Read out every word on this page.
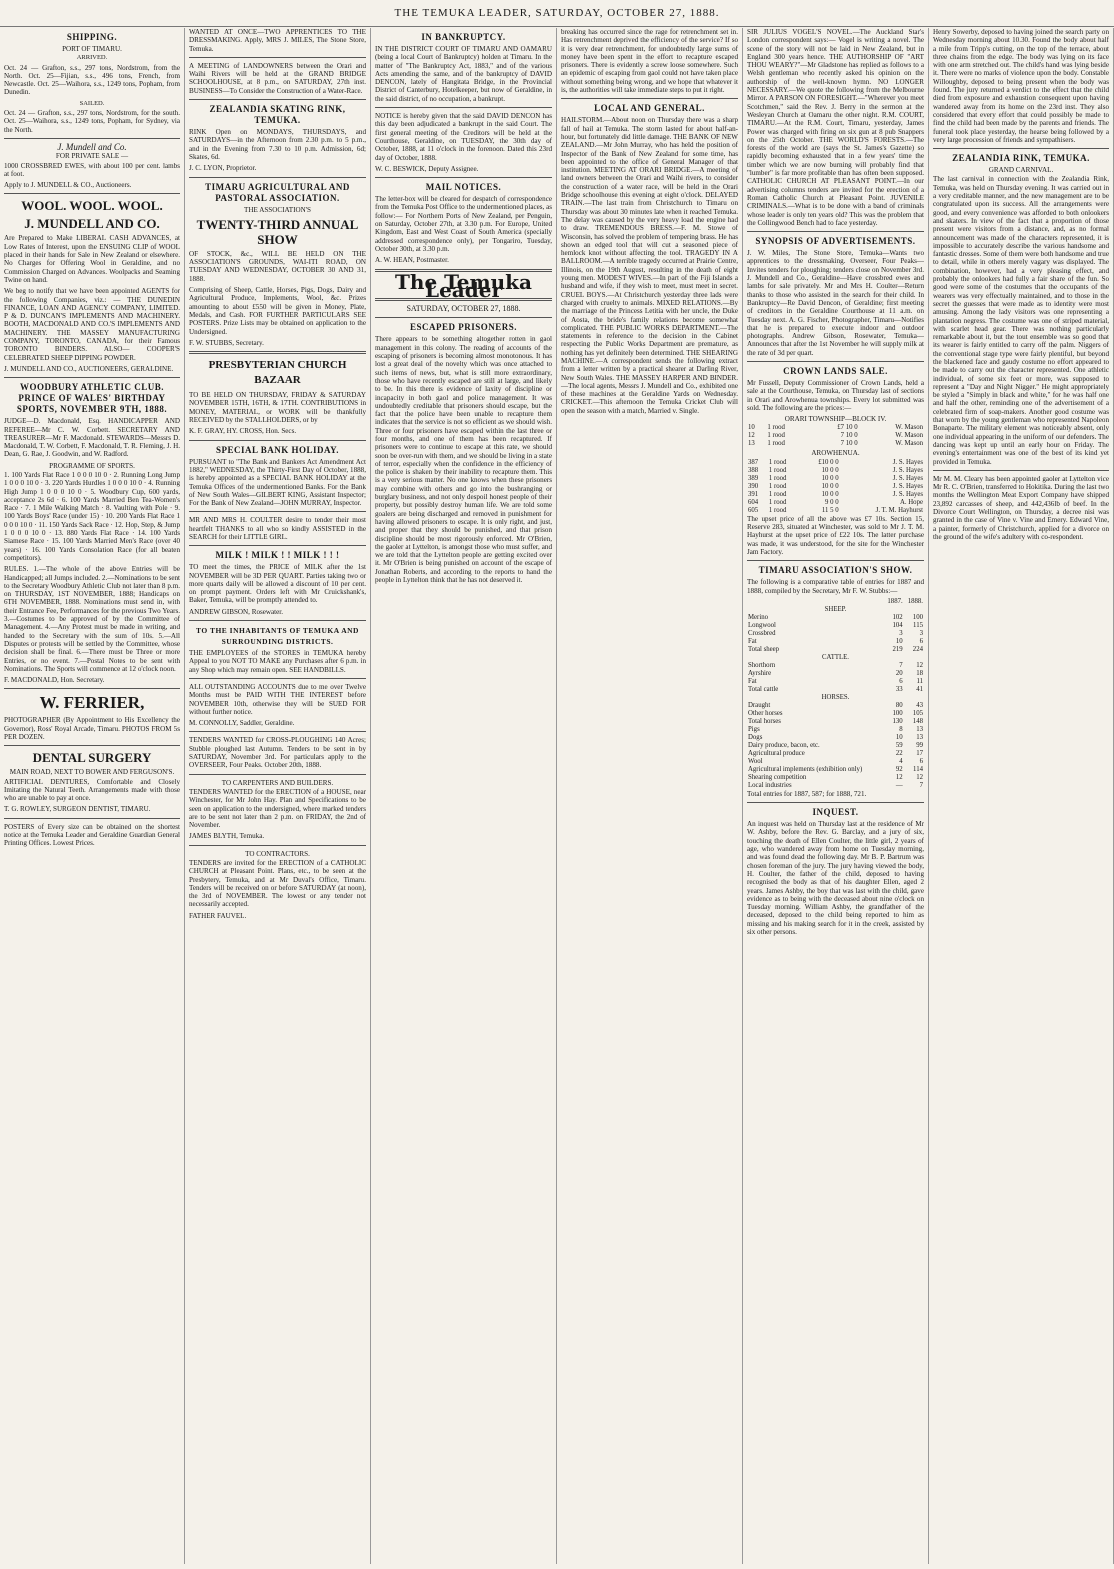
THE TEMUKA LEADER, SATURDAY, OCTOBER 27, 1888.
SHIPPING.
PORT OF TIMARU.
ARRIVED.

Oct. 24 — Grafton, s.s., 297 tons, Nordstrom, from the North. Oct. 25—Fijian, s.s., 496 tons, French, from Newcastle. Oct. 25—Waihora, s.s., 1249 tons, Popham, from Dunedin.

SAILED.

Oct. 24 — Grafton, s.s., 297 tons, Nordstrom, for the south. Oct. 25—Waihora, s.s., 1249 tons, Popham, for Sydney, via the North.

J. Mundell and Co.
FOR PRIVATE SALE —

1000 CROSSBRED EWES, with about 100 per cent. lambs at foot.

Apply to J. MUNDELL & CO., Auctioneers.

WOOL. WOOL. WOOL.
J. MUNDELL AND CO.

Are Prepared to Make LIBERAL CASH ADVANCES, at Low Rates of Interest, upon the ENSUING CLIP of WOOL placed in their hands for Sale in New Zealand or elsewhere. No Charges for Offering Wool in Geraldine, and no Commission Charged on Advances. Woolpacks and Seaming Twine on hand.

We beg to notify that we have been appointed AGENTS for the following Companies, viz.: — THE DUNEDIN FINANCE, LOAN AND AGENCY COMPANY, LIMITED. P & D. DUNCAN'S IMPLEMENTS AND MACHINERY. BOOTH, MACDONALD AND CO.'S IMPLEMENTS AND MACHINERY. THE MASSEY MANUFACTURING COMPANY, TORONTO, CANADA, for their Famous TORONTO BINDERS. ALSO— COOPER'S CELEBRATED SHEEP DIPPING POWDER.

J. MUNDELL AND CO., AUCTIONEERS, GERALDINE.

WOODBURY ATHLETIC CLUB. PRINCE OF WALES' BIRTHDAY SPORTS, NOVEMBER 9TH, 1888.

JUDGE—D. Macdonald, Esq. HANDICAPPER AND REFEREE—Mr C. W. Corbett. SECRETARY AND TREASURER—Mr F. Macdonald. STEWARDS—Messrs D. Macdonald, T. W. Corbett, F. Macdonald, T. R. Fleming, J. H. Dean, G. Rae, J. Goodwin, and W. Radford.

PROGRAMME OF SPORTS.

1. 100 Yards Flat Race 1 0 0 0 10 0 · 2. Running Long Jump 1 0 0 0 10 0 · 3. 220 Yards Hurdles 1 0 0 0 10 0 · 4. Running High Jump 1 0 0 0 10 0 · 5. Woodbury Cup, 600 yards, acceptance 2s 6d · 6. 100 Yards Married Ben Tea-Women's Race · 7. 1 Mile Walking Match · 8. Vaulting with Pole · 9. 100 Yards Boys' Race (under 15) · 10. 200 Yards Flat Race 1 0 0 0 10 0 · 11. 150 Yards Sack Race · 12. Hop, Step, & Jump 1 0 0 0 10 0 · 13. 880 Yards Flat Race · 14. 100 Yards Siamese Race · 15. 100 Yards Married Men's Race (over 40 years) · 16. 100 Yards Consolation Race (for all beaten competitors).

RULES. 1.—The whole of the above Entries will be Handicapped; all Jumps included. 2.—Nominations to be sent to the Secretary Woodbury Athletic Club not later than 8 p.m. on THURSDAY, 1ST NOVEMBER, 1888; Handicaps on 6TH NOVEMBER, 1888. Nominations must send in, with their Entrance Fee, Performances for the previous Two Years. 3.—Costumes to be approved of by the Committee of Management. 4.—Any Protest must be made in writing, and handed to the Secretary with the sum of 10s. 5.—All Disputes or protests will be settled by the Committee, whose decision shall be final. 6.—There must be Three or more Entries, or no event. 7.—Postal Notes to be sent with Nominations. The Sports will commence at 12 o'clock noon.

F. MACDONALD, Hon. Secretary.

W. FERRIER,

PHOTOGRAPHER (By Appointment to His Excellency the Governor), Ross' Royal Arcade, Timaru. PHOTOS FROM 5s PER DOZEN.

DENTAL SURGERY
MAIN ROAD, NEXT TO BOWER AND FERGUSON'S.

ARTIFICIAL DENTURES, Comfortable and Closely Imitating the Natural Teeth. Arrangements made with those who are unable to pay at once.

T. G. ROWLEY, SURGEON DENTIST, TIMARU.

POSTERS of Every size can be obtained on the shortest notice at the Temuka Leader and Geraldine Guardian General Printing Offices. Lowest Prices.

WANTED AT ONCE—TWO APPRENTICES TO THE DRESSMAKING. Apply, MRS J. MILES, The Stone Store, Temuka.

A MEETING of LANDOWNERS between the Orari and Waihi Rivers will be held at the GRAND BRIDGE SCHOOLHOUSE, at 8 p.m., on SATURDAY, 27th inst. BUSINESS—To Consider the Construction of a Water-Race.

ZEALANDIA SKATING RINK, TEMUKA.

RINK Open on MONDAYS, THURSDAYS, and SATURDAYS—in the Afternoon from 2.30 p.m. to 5 p.m., and in the Evening from 7.30 to 10 p.m. Admission, 6d; Skates, 6d.

J. C. LYON, Proprietor.

TIMARU AGRICULTURAL AND PASTORAL ASSOCIATION.
THE ASSOCIATION'S
TWENTY-THIRD ANNUAL SHOW

OF STOCK, &c., WILL BE HELD ON THE ASSOCIATION'S GROUNDS, WAI-ITI ROAD, ON TUESDAY AND WEDNESDAY, OCTOBER 30 AND 31, 1888.

Comprising of Sheep, Cattle, Horses, Pigs, Dogs, Dairy and Agricultural Produce, Implements, Wool, &c. Prizes amounting to about £550 will be given in Money, Plate, Medals, and Cash. FOR FURTHER PARTICULARS SEE POSTERS. Prize Lists may be obtained on application to the Undersigned.

F. W. STUBBS, Secretary.

PRESBYTERIAN CHURCH BAZAAR

TO BE HELD ON THURSDAY, FRIDAY & SATURDAY NOVEMBER 15TH, 16TH, & 17TH. CONTRIBUTIONS in MONEY, MATERIAL, or WORK will be thankfully RECEIVED by the STALLHOLDERS, or by

K. F. GRAY, HY. CROSS, Hon. Secs.

SPECIAL BANK HOLIDAY.

PURSUANT to "The Bank and Bankers Act Amendment Act 1882," WEDNESDAY, the Thirty-First Day of October, 1888, is hereby appointed as a SPECIAL BANK HOLIDAY at the Temuka Offices of the undermentioned Banks. For the Bank of New South Wales—GILBERT KING, Assistant Inspector; For the Bank of New Zealand—JOHN MURRAY, Inspector.

MR AND MRS H. COULTER desire to tender their most heartfelt THANKS to all who so kindly ASSISTED in the SEARCH for their LITTLE GIRL.

MILK ! MILK ! ! MILK ! ! !

TO meet the times, the PRICE of MILK after the 1st NOVEMBER will be 3D PER QUART. Parties taking two or more quarts daily will be allowed a discount of 10 per cent. on prompt payment. Orders left with Mr Cruickshank's, Baker, Temuka, will be promptly attended to.

ANDREW GIBSON, Rosewater.

TO THE INHABITANTS OF TEMUKA AND SURROUNDING DISTRICTS.

THE EMPLOYEES of the STORES in TEMUKA hereby Appeal to you NOT TO MAKE any Purchases after 6 p.m. in any Shop which may remain open. SEE HANDBILLS.

ALL OUTSTANDING ACCOUNTS due to me over Twelve Months must be PAID WITH THE INTEREST before NOVEMBER 10th, otherwise they will be SUED FOR without further notice.

M. CONNOLLY, Saddler, Geraldine.

TENDERS WANTED for CROSS-PLOUGHING 140 Acres; Stubble ploughed last Autumn. Tenders to be sent in by SATURDAY, November 3rd. For particulars apply to the OVERSEER, Four Peaks. October 20th, 1888.

TO CARPENTERS AND BUILDERS.

TENDERS WANTED for the ERECTION of a HOUSE, near Winchester, for Mr John Hay. Plan and Specifications to be seen on application to the undersigned, where marked tenders are to be sent not later than 2 p.m. on FRIDAY, the 2nd of November.

JAMES BLYTH, Temuka.

TO CONTRACTORS.

TENDERS are invited for the ERECTION of a CATHOLIC CHURCH at Pleasant Point. Plans, etc., to be seen at the Presbytery, Temuka, and at Mr Duval's Office, Timaru. Tenders will be received on or before SATURDAY (at noon), the 3rd of NOVEMBER. The lowest or any tender not necessarily accepted.

FATHER FAUVEL.

IN BANKRUPTCY.

IN THE DISTRICT COURT OF TIMARU AND OAMARU (being a local Court of Bankruptcy) holden at Timaru. In the matter of "The Bankruptcy Act, 1883," and of the various Acts amending the same, and of the bankruptcy of DAVID DENCON, lately of Hangitata Bridge, in the Provincial District of Canterbury, Hotelkeeper, but now of Geraldine, in the said district, of no occupation, a bankrupt.

NOTICE is hereby given that the said DAVID DENCON has this day been adjudicated a bankrupt in the said Court. The first general meeting of the Creditors will be held at the Courthouse, Geraldine, on TUESDAY, the 30th day of October, 1888, at 11 o'clock in the forenoon. Dated this 23rd day of October, 1888.

W. C. BESWICK, Deputy Assignee.

MAIL NOTICES.

The letter-box will be cleared for despatch of correspondence from the Temuka Post Office to the undermentioned places, as follow:— For Northern Ports of New Zealand, per Penguin, on Saturday, October 27th, at 3.30 p.m. For Europe, United Kingdom, East and West Coast of South America (specially addressed correspondence only), per Tongariro, Tuesday, October 30th, at 3.30 p.m.

A. W. HEAN, Postmaster.

The Temuka Leader
SATURDAY, OCTOBER 27, 1888.
ESCAPED PRISONERS.

There appears to be something altogether rotten in gaol management in this colony. The reading of accounts of the escaping of prisoners is becoming almost monotonous. It has lost a great deal of the novelty which was once attached to such items of news, but, what is still more extraordinary, those who have recently escaped are still at large, and likely to be. In this there is evidence of laxity of discipline or incapacity in both gaol and police management. It was undoubtedly creditable that prisoners should escape, but the fact that the police have been unable to recapture them indicates that the service is not so efficient as we should wish. Three or four prisoners have escaped within the last three or four months, and one of them has been recaptured. If prisoners were to continue to escape at this rate, we should soon be over-run with them, and we should be living in a state of terror, especially when the confidence in the efficiency of the police is shaken by their inability to recapture them. This is a very serious matter. No one knows when these prisoners may combine with others and go into the bushranging or burglary business, and not only despoil honest people of their property, but possibly destroy human life. We are told some goalers are being discharged and removed in punishment for having allowed prisoners to escape. It is only right, and just, and proper that they should be punished, and that prison discipline should be most rigorously enforced. Mr O'Brien, the gaoler at Lyttelton, is amongst those who must suffer, and we are told that the Lyttelton people are getting excited over it. Mr O'Brien is being punished on account of the escape of Jonathan Roberts, and according to the reports to hand the people in Lyttelton think that he has not deserved it.

breaking has occurred since the rage for retrenchment set in. Has retrenchment deprived the efficiency of the service? If so it is very dear retrenchment, for undoubtedly large sums of money have been spent in the effort to recapture escaped prisoners. There is evidently a screw loose somewhere. Such an epidemic of escaping from gaol could not have taken place without something being wrong, and we hope that whatever it is, the authorities will take immediate steps to put it right.

LOCAL AND GENERAL.

HAILSTORM.—About noon on Thursday there was a sharp fall of hail at Temuka. The storm lasted for about half-an-hour, but fortunately did little damage. THE BANK OF NEW ZEALAND.—Mr John Murray, who has held the position of Inspector of the Bank of New Zealand for some time, has been appointed to the office of General Manager of that institution. MEETING AT ORARI BRIDGE.—A meeting of land owners between the Orari and Waihi rivers, to consider the construction of a water race, will be held in the Orari Bridge schoolhouse this evening at eight o'clock. DELAYED TRAIN.—The last train from Christchurch to Timaru on Thursday was about 30 minutes late when it reached Temuka. The delay was caused by the very heavy load the engine had to draw. TREMENDOUS BRESS.—F. M. Stowe of Wisconsin, has solved the problem of tempering brass. He has shown an edged tool that will cut a seasoned piece of hemlock knot without affecting the tool. TRAGEDY IN A BALLROOM.—A terrible tragedy occurred at Prairie Centre, Illinois, on the 19th August, resulting in the death of eight young men. MODEST WIVES.—In part of the Fiji Islands a husband and wife, if they wish to meet, must meet in secret. CRUEL BOYS.—At Christchurch yesterday three lads were charged with cruelty to animals. MIXED RELATIONS.—By the marriage of the Princess Letitia with her uncle, the Duke of Aosta, the bride's family relations become somewhat complicated. THE PUBLIC WORKS DEPARTMENT.—The statements in reference to the decision in the Cabinet respecting the Public Works Department are premature, as nothing has yet definitely been determined. THE SHEARING MACHINE.—A correspondent sends the following extract from a letter written by a practical shearer at Darling River, New South Wales. THE MASSEY HARPER AND BINDER.—The local agents, Messrs J. Mundell and Co., exhibited one of these machines at the Geraldine Yards on Wednesday. CRICKET.—This afternoon the Temuka Cricket Club will open the season with a match, Married v. Single.

SIR JULIUS VOGEL'S NOVEL.—The Auckland Star's London correspondent says:— Vogel is writing a novel. The scene of the story will not be laid in New Zealand, but in England 300 years hence. THE AUTHORSHIP OF "ART THOU WEARY?"—Mr Gladstone has replied as follows to a Welsh gentleman who recently asked his opinion on the authorship of the well-known hymn. NO LONGER NECESSARY.—We quote the following from the Melbourne Mirror. A PARSON ON FORESIGHT.—"Wherever you meet Scotchmen," said the Rev. J. Berry in the sermon at the Wesleyan Church at Oamaru the other night. R.M. COURT, TIMARU.—At the R.M. Court, Timaru, yesterday, James Power was charged with firing on six gun at 8 pub Snappers on the 25th October. THE WORLD'S FORESTS.—The forests of the world are (says the St. James's Gazette) so rapidly becoming exhausted that in a few years' time the timber which we are now burning will probably find that "lumber" is far more profitable than has often been supposed. CATHOLIC CHURCH AT PLEASANT POINT.—In our advertising columns tenders are invited for the erection of a Roman Catholic Church at Pleasant Point. JUVENILE CRIMINALS.—What is to be done with a band of criminals whose leader is only ten years old? This was the problem that the Collingwood Bench had to face yesterday.

SYNOPSIS OF ADVERTISEMENTS.

J. W. Miles, The Stone Store, Temuka—Wants two apprentices to the dressmaking. Overseer, Four Peaks—Invites tenders for ploughing; tenders close on November 3rd. J. Mundell and Co., Geraldine—Have crossbred ewes and lambs for sale privately. Mr and Mrs H. Coulter—Return thanks to those who assisted in the search for their child. In Bankruptcy—Re David Dencon, of Geraldine; first meeting of creditors in the Geraldine Courthouse at 11 a.m. on Tuesday next. A. G. Fischer, Photographer, Timaru—Notifies that he is prepared to execute indoor and outdoor photographs. Andrew Gibson, Rosewater, Temuka—Announces that after the 1st November he will supply milk at the rate of 3d per quart.

CROWN LANDS SALE.

Mr Fussell, Deputy Commissioner of Crown Lands, held a sale at the Courthouse, Temuka, on Thursday last of sections in Orari and Arowhenua townships. Every lot submitted was sold. The following are the prices:—

ORARI TOWNSHIP—BLOCK IV.
10	1 rood	£7 10 0	W. Mason
12	1 rood	7 10 0	W. Mason
13	1 rood	7 10 0	W. Mason
AROWHENUA.
387	1 rood	£10 0 0	J. S. Hayes
388	1 rood	10 0 0	J. S. Hayes
389	1 rood	10 0 0	J. S. Hayes
390	1 rood	10 0 0	J. S. Hayes
391	1 rood	10 0 0	J. S. Hayes
604	1 rood	9 0 0	A. Hope
605	1 rood	11 5 0	J. T. M. Hayhurst

The upset price of all the above was £7 10s. Section 15, Reserve 283, situated at Winchester, was sold to Mr J. T. M. Hayhurst at the upset price of £22 10s. The latter purchase was made, it was understood, for the site for the Winchester Jam Factory.

TIMARU ASSOCIATION'S SHOW.

The following is a comparative table of entries for 1887 and 1888, compiled by the Secretary, Mr F. W. Stubbs:—

	1887.	1888.
SHEEP.		
Merino	102	100
Longwool	104	115
Crossbred	3	3
Fat	10	6
Total sheep	219	224
CATTLE.		
Shorthorn	7	12
Ayrshire	20	18
Fat	6	11
Total cattle	33	41
HORSES.		
Draught	80	43
Other horses	100	105
Total horses	130	148
Pigs	8	13
Dogs	10	13
Dairy produce, bacon, etc.	59	99
Agricultural produce	22	17
Wool	4	6
Agricultural implements (exhibition only)	92	114
Shearing competition	12	12
Local industries	—	7

Total entries for 1887, 587; for 1888, 721.

INQUEST.

An inquest was held on Thursday last at the residence of Mr W. Ashby, before the Rev. G. Barclay, and a jury of six, touching the death of Ellen Coulter, the little girl, 2 years of age, who wandered away from home on Tuesday morning, and was found dead the following day. Mr B. P. Bartrum was chosen foreman of the jury. The jury having viewed the body, H. Coulter, the father of the child, deposed to having recognised the body as that of his daughter Ellen, aged 2 years. James Ashby, the boy that was last with the child, gave evidence as to being with the deceased about nine o'clock on Tuesday morning. William Ashby, the grandfather of the deceased, deposed to the child being reported to him as missing and his making search for it in the creek, assisted by six other persons.

Henry Sowerby, deposed to having joined the search party on Wednesday morning about 10.30. Found the body about half a mile from Tripp's cutting, on the top of the terrace, about three chains from the edge. The body was lying on its face with one arm stretched out. The child's hand was lying beside it. There were no marks of violence upon the body. Constable Willoughby, deposed to being present when the body was found. The jury returned a verdict to the effect that the child died from exposure and exhaustion consequent upon having wandered away from its home on the 23rd inst. They also considered that every effort that could possibly be made to find the child had been made by the parents and friends. The funeral took place yesterday, the hearse being followed by a very large procession of friends and sympathisers.

ZEALANDIA RINK, TEMUKA.
GRAND CARNIVAL.

The last carnival in connection with the Zealandia Rink, Temuka, was held on Thursday evening. It was carried out in a very creditable manner, and the new management are to be congratulated upon its success. All the arrangements were good, and every convenience was afforded to both onlookers and skaters. In view of the fact that a proportion of those present were visitors from a distance, and, as no formal announcement was made of the characters represented, it is impossible to accurately describe the various handsome and fantastic dresses. Some of them were both handsome and true to detail, while in others merely vagary was displayed. The combination, however, had a very pleasing effect, and probably the onlookers had fully a fair share of the fun. So good were some of the costumes that the occupants of the wearers was very effectually maintained, and to those in the secret the guesses that were made as to identity were most amusing. Among the lady visitors was one representing a plantation negress. The costume was one of striped material, with scarlet head gear. There was nothing particularly remarkable about it, but the tout ensemble was so good that its wearer is fairly entitled to carry off the palm. Niggers of the conventional stage type were fairly plentiful, but beyond the blackened face and gaudy costume no effort appeared to be made to carry out the character represented. One athletic individual, of some six feet or more, was supposed to represent a "Day and Night Nigger." He might appropriately be styled a "Simply in black and white," for he was half one and half the other, reminding one of the advertisement of a celebrated firm of soap-makers. Another good costume was that worn by the young gentleman who represented Napoleon Bonaparte. The military element was noticeably absent, only one individual appearing in the uniform of our defenders. The dancing was kept up until an early hour on Friday. The evening's entertainment was one of the best of its kind yet provided in Temuka.

Mr M. M. Cleary has been appointed gaoler at Lyttelton vice Mr R. C. O'Brien, transferred to Hokitika. During the last two months the Wellington Meat Export Company have shipped 23,892 carcasses of sheep, and 442,436lb of beef. In the Divorce Court Wellington, on Thursday, a decree nisi was granted in the case of Vine v. Vine and Emery. Edward Vine, a painter, formerly of Christchurch, applied for a divorce on the ground of the wife's adultery with co-respondent.
